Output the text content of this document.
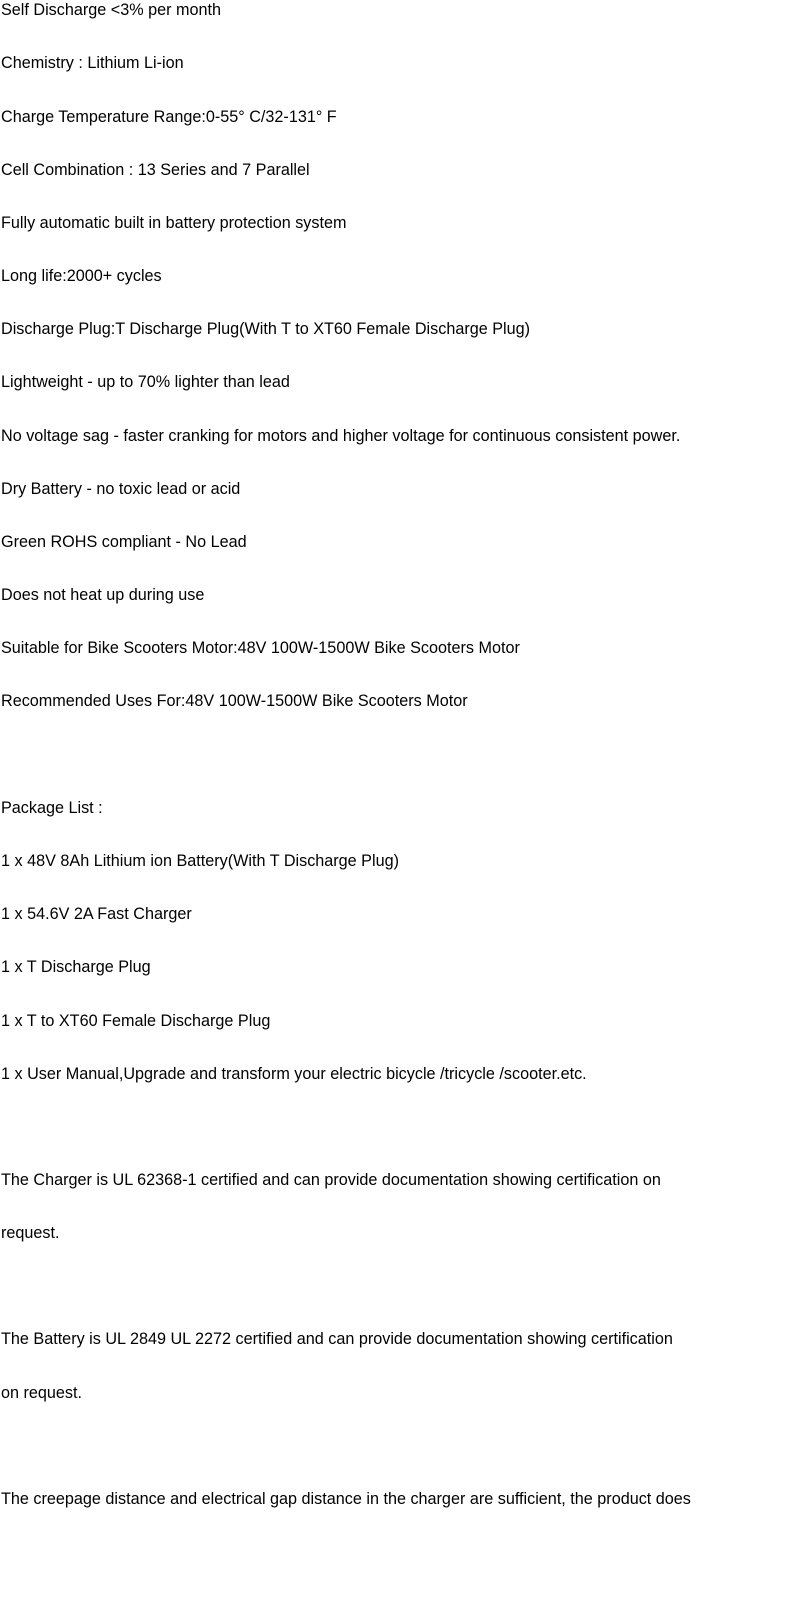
Self Discharge <3% per month

Chemistry : Lithium Li-ion

Charge Temperature Range:0-55° C/32-131° F

Cell Combination : 13 Series and 7 Parallel

Fully automatic built in battery protection system

Long life:2000+ cycles

Discharge Plug:T Discharge Plug(With T to XT60 Female Discharge Plug)

Lightweight - up to 70% lighter than lead

No voltage sag - faster cranking for motors and higher voltage for continuous consistent power.

Dry Battery - no toxic lead or acid

Green ROHS compliant - No Lead

Does not heat up during use

Suitable for Bike Scooters Motor:48V 100W-1500W Bike Scooters Motor

Recommended Uses For:48V 100W-1500W Bike Scooters Motor

Package List :

1 x 48V 8Ah Lithium ion Battery(With T Discharge Plug)

1 x 54.6V 2A Fast Charger

1 x T Discharge Plug

1 x T to XT60 Female Discharge Plug

1 x User Manual,Upgrade and transform your electric bicycle /tricycle /scooter.etc.

The Charger is UL 62368-1 certified and can provide documentation showing certification on

request.

The Battery is UL 2849 UL 2272 certified and can provide documentation showing certification

on request.

The creepage distance and electrical gap distance in the charger are sufficient, the product does
